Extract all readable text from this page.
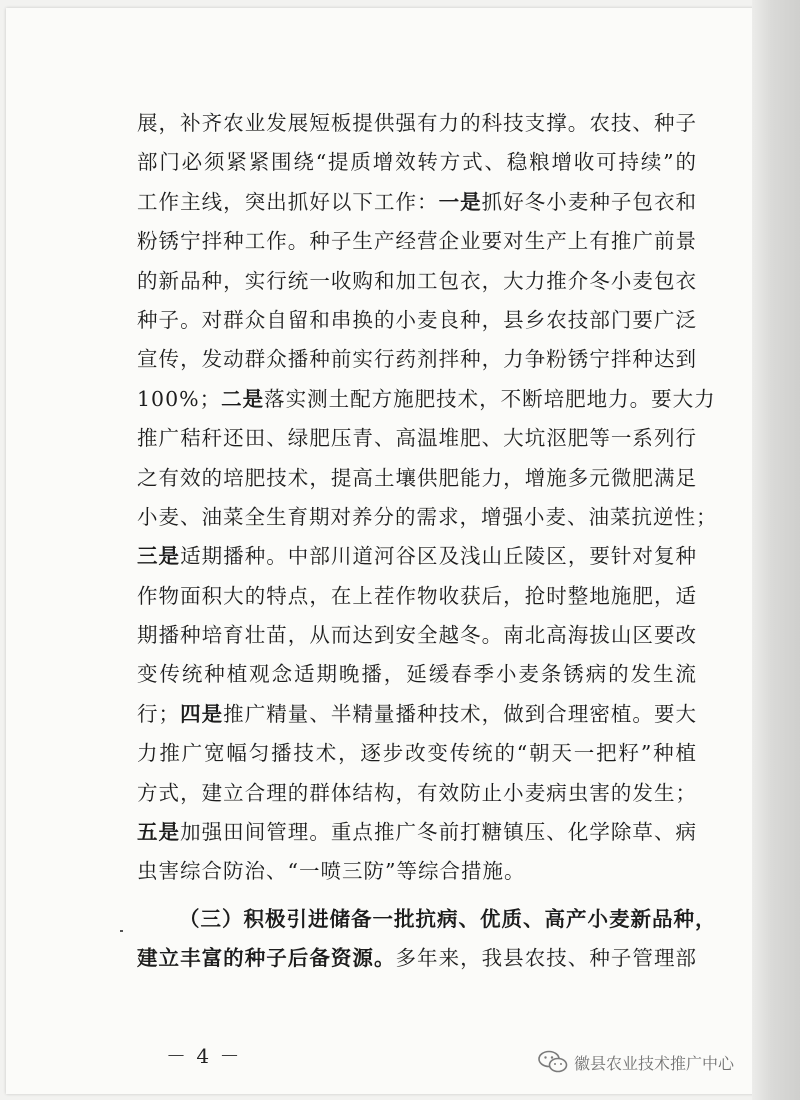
展，补齐农业发展短板提供强有力的科技支撑。农技、种子
部门必须紧紧围绕“提质增效转方式、稳粮增收可持续”的
工作主线，突出抓好以下工作：一是抓好冬小麦种子包衣和
粉锈宁拌种工作。种子生产经营企业要对生产上有推广前景
的新品种，实行统一收购和加工包衣，大力推介冬小麦包衣
种子。对群众自留和串换的小麦良种，县乡农技部门要广泛
宣传，发动群众播种前实行药剂拌种，力争粉锈宁拌种达到
100%；二是落实测土配方施肥技术，不断培肥地力。要大力
推广秸秆还田、绿肥压青、高温堆肥、大坑沤肥等一系列行
之有效的培肥技术，提高土壤供肥能力，增施多元微肥满足
小麦、油菜全生育期对养分的需求，增强小麦、油菜抗逆性；
三是适期播种。中部川道河谷区及浅山丘陵区，要针对复种
作物面积大的特点，在上茬作物收获后，抢时整地施肥，适
期播种培育壮苗，从而达到安全越冬。南北高海拔山区要改
变传统种植观念适期晚播，延缓春季小麦条锈病的发生流
行；四是推广精量、半精量播种技术，做到合理密植。要大
力推广宽幅匀播技术，逐步改变传统的“朝天一把籽”种植
方式，建立合理的群体结构，有效防止小麦病虫害的发生；
五是加强田间管理。重点推广冬前打糖镇压、化学除草、病
虫害综合防治、“一喷三防”等综合措施。
（三）积极引进储备一批抗病、优质、高产小麦新品种，
建立丰富的种子后备资源。多年来，我县农技、种子管理部
－ 4 －	徽县农业技术推广中心
